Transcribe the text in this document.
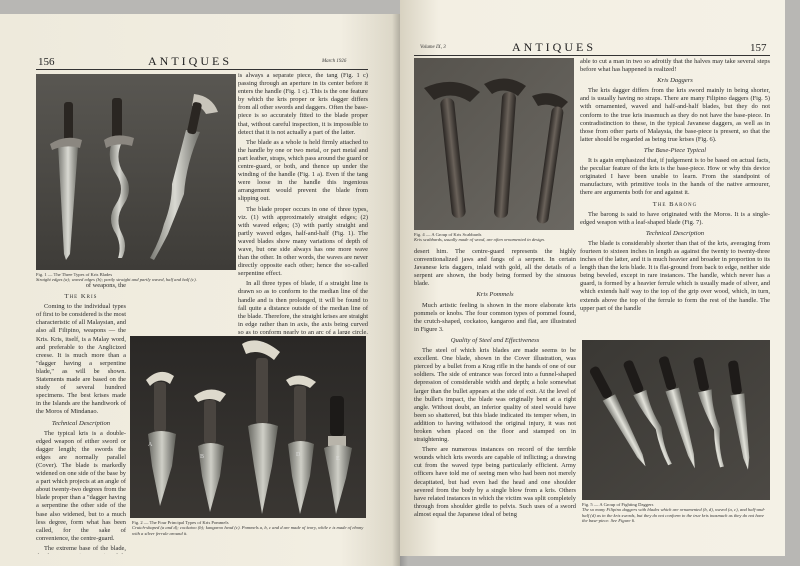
156	ANTIQUES	March 1926
Fig. 1 — The Three Types of Kris Blades
Straight edges (a); waved edges (b); partly straight and partly waved, half and half (c).

is always a separate piece, the tang (Fig. 1 c) passing through an aperture in its center before it enters the handle (Fig. 1 c). This is the one feature by which the kris proper or kris dagger differs from all other swords and daggers. Often the base-piece is so accurately fitted to the blade proper that, without careful inspection, it is impossible to detect that it is not actually a part of the latter.

The blade as a whole is held firmly attached to the handle by one or two metal, or part metal and part leather, straps, which pass around the guard or centre-guard, or both, and thence up under the winding of the handle (Fig. 1 a). Even if the tang were loose in the handle this ingenious arrangement would prevent the blade from slipping out.

The blade proper occurs in one of three types, viz. (1) with approximately straight edges; (2) with waved edges; (3) with partly straight and partly waved edges, half-and-half (Fig. 1). The waved blades show many variations of depth of wave, but one side always has one more wave than the other. In other words, the waves are never directly opposite each other; hence the so-called serpentine effect.

In all three types of blade, if a straight line is drawn so as to conform to the median line of the handle and is then prolonged, it will be found to fall quite a distance outside of the median line of the blade. Therefore, the straight krises are straight in edge rather than in axis, the axis being curved so as to conform nearly to an arc of a large circle.

of weapons, the
The Kris

Coming to the individual types of first to be considered is the most characteristic of all Malaysian, and also all Filipino, weapons — the Kris. Kris, itself, is a Malay word, and preferable to the Anglicized creese. It is much more than a "dagger having a serpentine blade," as will be shown. Statements made are based on the study of several hundred specimens. The best krises made in the Islands are the handiwork of the Moros of Mindanao.

Technical Description

The typical kris is a double-edged weapon of either sword or dagger length; the swords the edges are normally parallel (Cover). The blade is markedly widened on one side of the base by a part which projects at an angle of about twenty-two degrees from the blade proper than a "dagger having a serpentine the other side of the base also widened, but to a much less degree, form what has been called, for the sake of convenience, the centre-guard.

The extreme base of the blade,

A
B
C
D
E
Fig. 2 — The Four Principal Types of Kris Pommels
Crutch-shaped (a and d); cockatoo (b); kangaroo head (c). Pommels a, b, c and d are made of ivory, while e is made of ebony with a silver ferrule around it.
Volume IX, 3	ANTIQUES	157
Fig. 4 — A Group of Kris Scabbards
Kris scabbards, usually made of wood, are often ornamented in design.

able to cut a man in two so adroitly that the halves may take several steps before what has happened is realized!

Kris Daggers

The kris dagger differs from the kris sword mainly in being shorter, and is usually having no straps. There are many Filipino daggers (Fig. 5) with ornamented, waved and half-and-half blades, but they do not conform to the true kris inasmuch as they do not have the base-piece. In contradistinction to these, in the typical Javanese daggers, as well as in those from other parts of Malaysia, the base-piece is present, so that the latter should be regarded as being true krises (Fig. 6).

The Base-Piece Typical

It is again emphasized that, if judgement is to be based on actual facts, the peculiar feature of the kris is the base-piece. How or why this device originated I have been unable to learn. From the standpoint of manufacture, with primitive tools in the hands of the native armourer, there are arguments both for and against it.

The Barong

The barong is said to have originated with the Moros. It is a single-edged weapon with a leaf-shaped blade (Fig. 7).

Technical Description

The blade is considerably shorter than that of the kris, averaging from fourteen to sixteen inches in length as against the twenty to twenty-three inches of the latter, and it is much heavier and broader in proportion to its length than the kris blade. It is flat-ground from back to edge, neither side being beveled, except in rare instances. The handle, which never has a guard, is formed by a heavier ferrule which is usually made of silver, and which extends half way to the top of the grip over wood, which, in turn, extends above the top of the ferrule to form the rest of the handle. The upper part of the handle

desert him. The centre-guard represents the highly conventionalized jaws and fangs of a serpent. In certain Javanese kris daggers, inlaid with gold, all the details of a serpent are shown, the body being formed by the sinuous blade.

Kris Pommels

Much artistic feeling is shown in the more elaborate kris pommels or knobs. The four common types of pommel found, the crutch-shaped, cockatoo, kangaroo and flat, are illustrated in Figure 3.

Quality of Steel and Effectiveness

The steel of which kris blades are made seems to be excellent. One blade, shown in the Cover illustration, was pierced by a bullet from a Krag rifle in the hands of one of our soldiers. The side of entrance was forced into a funnel-shaped depression of considerable width and depth; a hole somewhat larger than the bullet appears at the side of exit. At the level of the bullet's impact, the blade was originally bent at a right angle. Without doubt, an inferior quality of steel would have been so shattered, but this blade indicated its temper when, in addition to having withstood the original injury, it was not broken when placed on the floor and stamped on in straightening.

There are numerous instances on record of the terrible wounds which kris swords are capable of inflicting; a drawing cut from the waved type being particularly efficient. Army officers have told me of seeing men who had been not merely decapitated, but had even had the head and one shoulder severed from the body by a single blow from a kris. Others have related instances in which the victim was split completely through from shoulder girdle to pelvis. Such uses of a sword almost equal the Japanese ideal of being

Fig. 5 — A Group of Fighting Daggers
The so many Filipino daggers with blades which are ornamented (b, d), waved (a, c), and half-and-half (d) as in the kris swords, but they do not conform to the true kris inasmuch as they do not have the base-piece. See Figure 6.
